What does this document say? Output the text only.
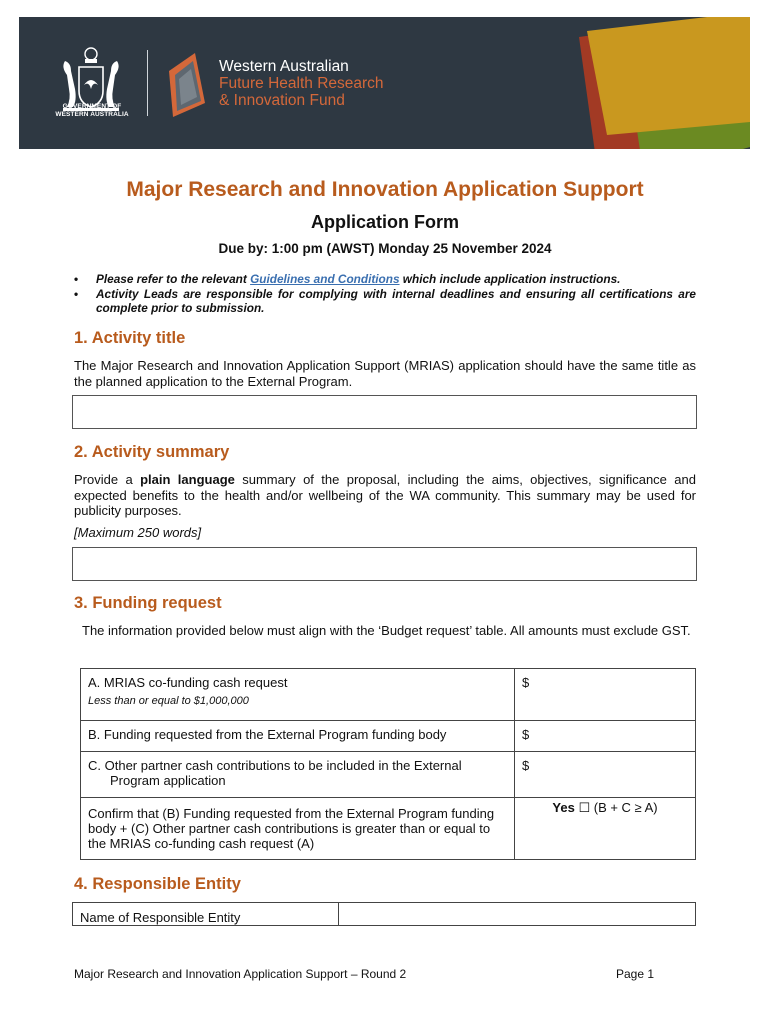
GOVERNMENT OF
WESTERN AUSTRALIA
Western Australian
Future Health Research
& Innovation Fund
Major Research and Innovation Application Support
Application Form
Due by: 1:00 pm (AWST) Monday 25 November 2024
• Please refer to the relevant Guidelines and Conditions which include application instructions.
• Activity Leads are responsible for complying with internal deadlines and ensuring all certifications are complete prior to submission.
1. Activity title
The Major Research and Innovation Application Support (MRIAS) application should have the same title as the planned application to the External Program.
2. Activity summary
Provide a plain language summary of the proposal, including the aims, objectives, significance and expected benefits to the health and/or wellbeing of the WA community. This summary may be used for publicity purposes.
[Maximum 250 words]
3. Funding request
The information provided below must align with the ‘Budget request’ table. All amounts must exclude GST.
A. MRIAS co-funding cash request
Less than or equal to $1,000,000	$
B. Funding requested from the External Program funding body	$
C. Other partner cash contributions to be included in the External
Program application	$
Confirm that (B) Funding requested from the External Program funding body + (C) Other partner cash contributions is greater than or equal to the MRIAS co-funding cash request (A)	Yes ☐ (B + C ≥ A)
4. Responsible Entity
Name of Responsible Entity	
Major Research and Innovation Application Support – Round 2	Page 1
